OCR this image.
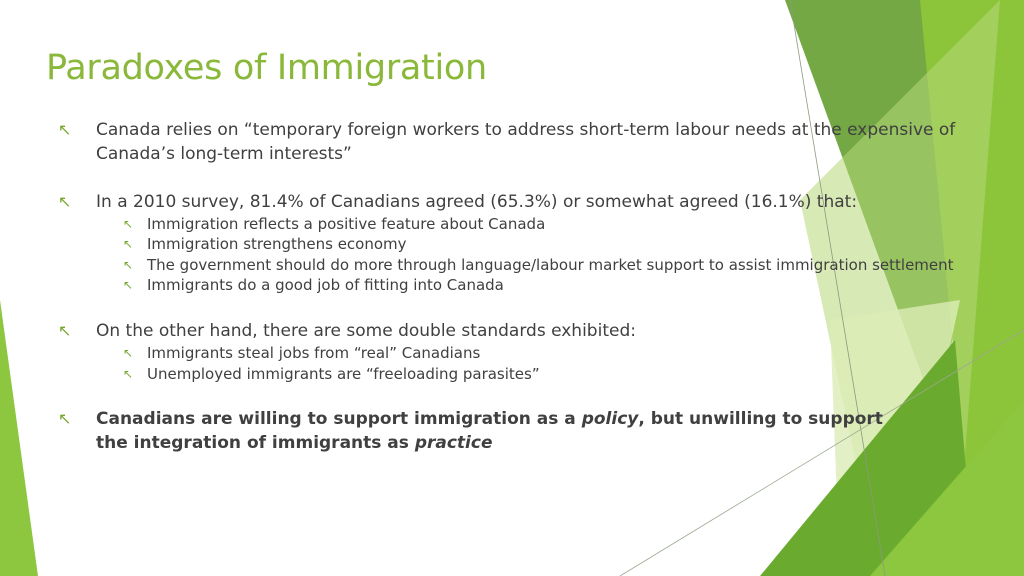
Paradoxes of Immigration
↖ Canada relies on “temporary foreign workers to address short-term labour needs at the expensive of Canada’s long-term interests”

↖ In a 2010 survey, 81.4% of Canadians agreed (65.3%) or somewhat agreed (16.1%) that:

↖ Immigration reflects a positive feature about Canada

↖ Immigration strengthens economy

↖ The government should do more through language/labour market support to assist immigration settlement

↖ Immigrants do a good job of fitting into Canada

↖ On the other hand, there are some double standards exhibited:

↖ Immigrants steal jobs from “real” Canadians

↖ Unemployed immigrants are “freeloading parasites”

↖ Canadians are willing to support immigration as a policy, but unwilling to support the integration of immigrants as practice
